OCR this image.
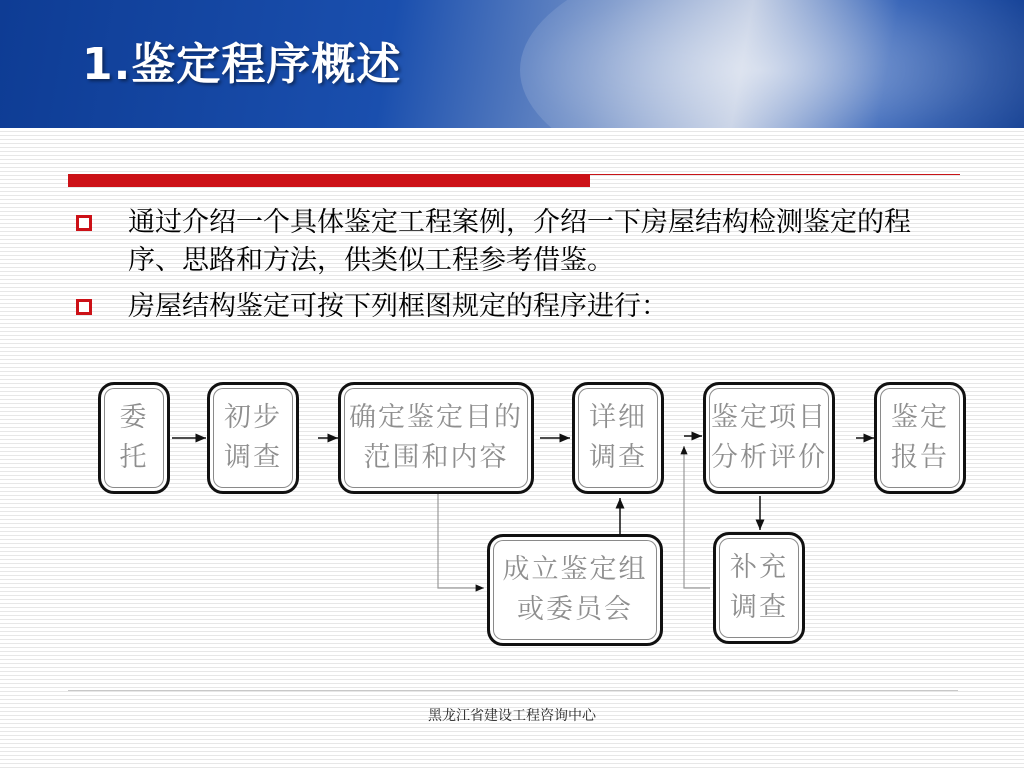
1.鉴定程序概述
通过介绍一个具体鉴定工程案例，介绍一下房屋结构检测鉴定的程序、思路和方法，供类似工程参考借鉴。
房屋结构鉴定可按下列框图规定的程序进行：
委
托
初步
调查
确定鉴定目的
范围和内容
详细
调查
鉴定项目
分析评价
鉴定
报告
成立鉴定组
或委员会
补充
调查
黑龙江省建设工程咨询中心
